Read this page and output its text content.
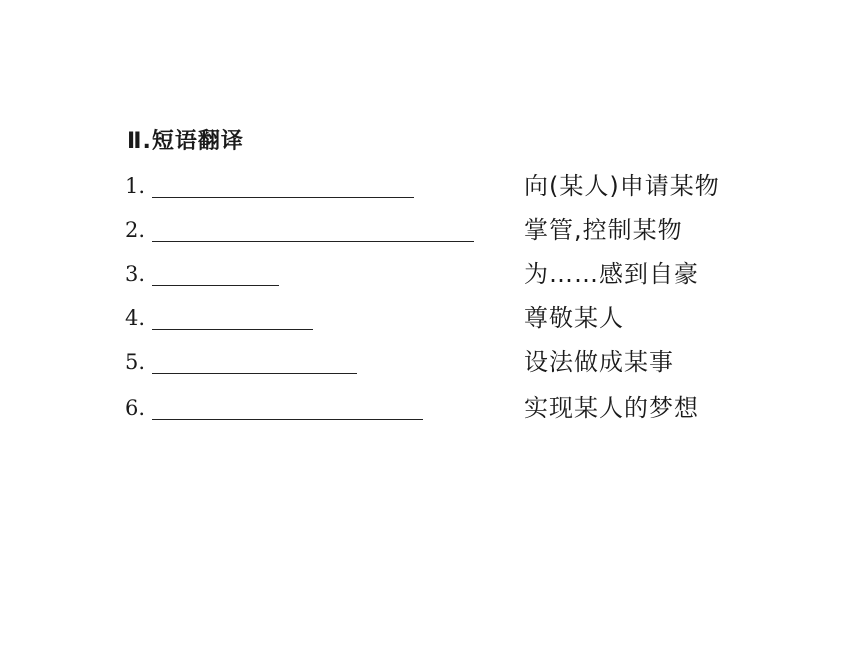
Ⅱ.短语翻译
1.	向(某人)申请某物
2.	掌管,控制某物
3.	为……感到自豪
4.	尊敬某人
5.	设法做成某事
6.	实现某人的梦想
